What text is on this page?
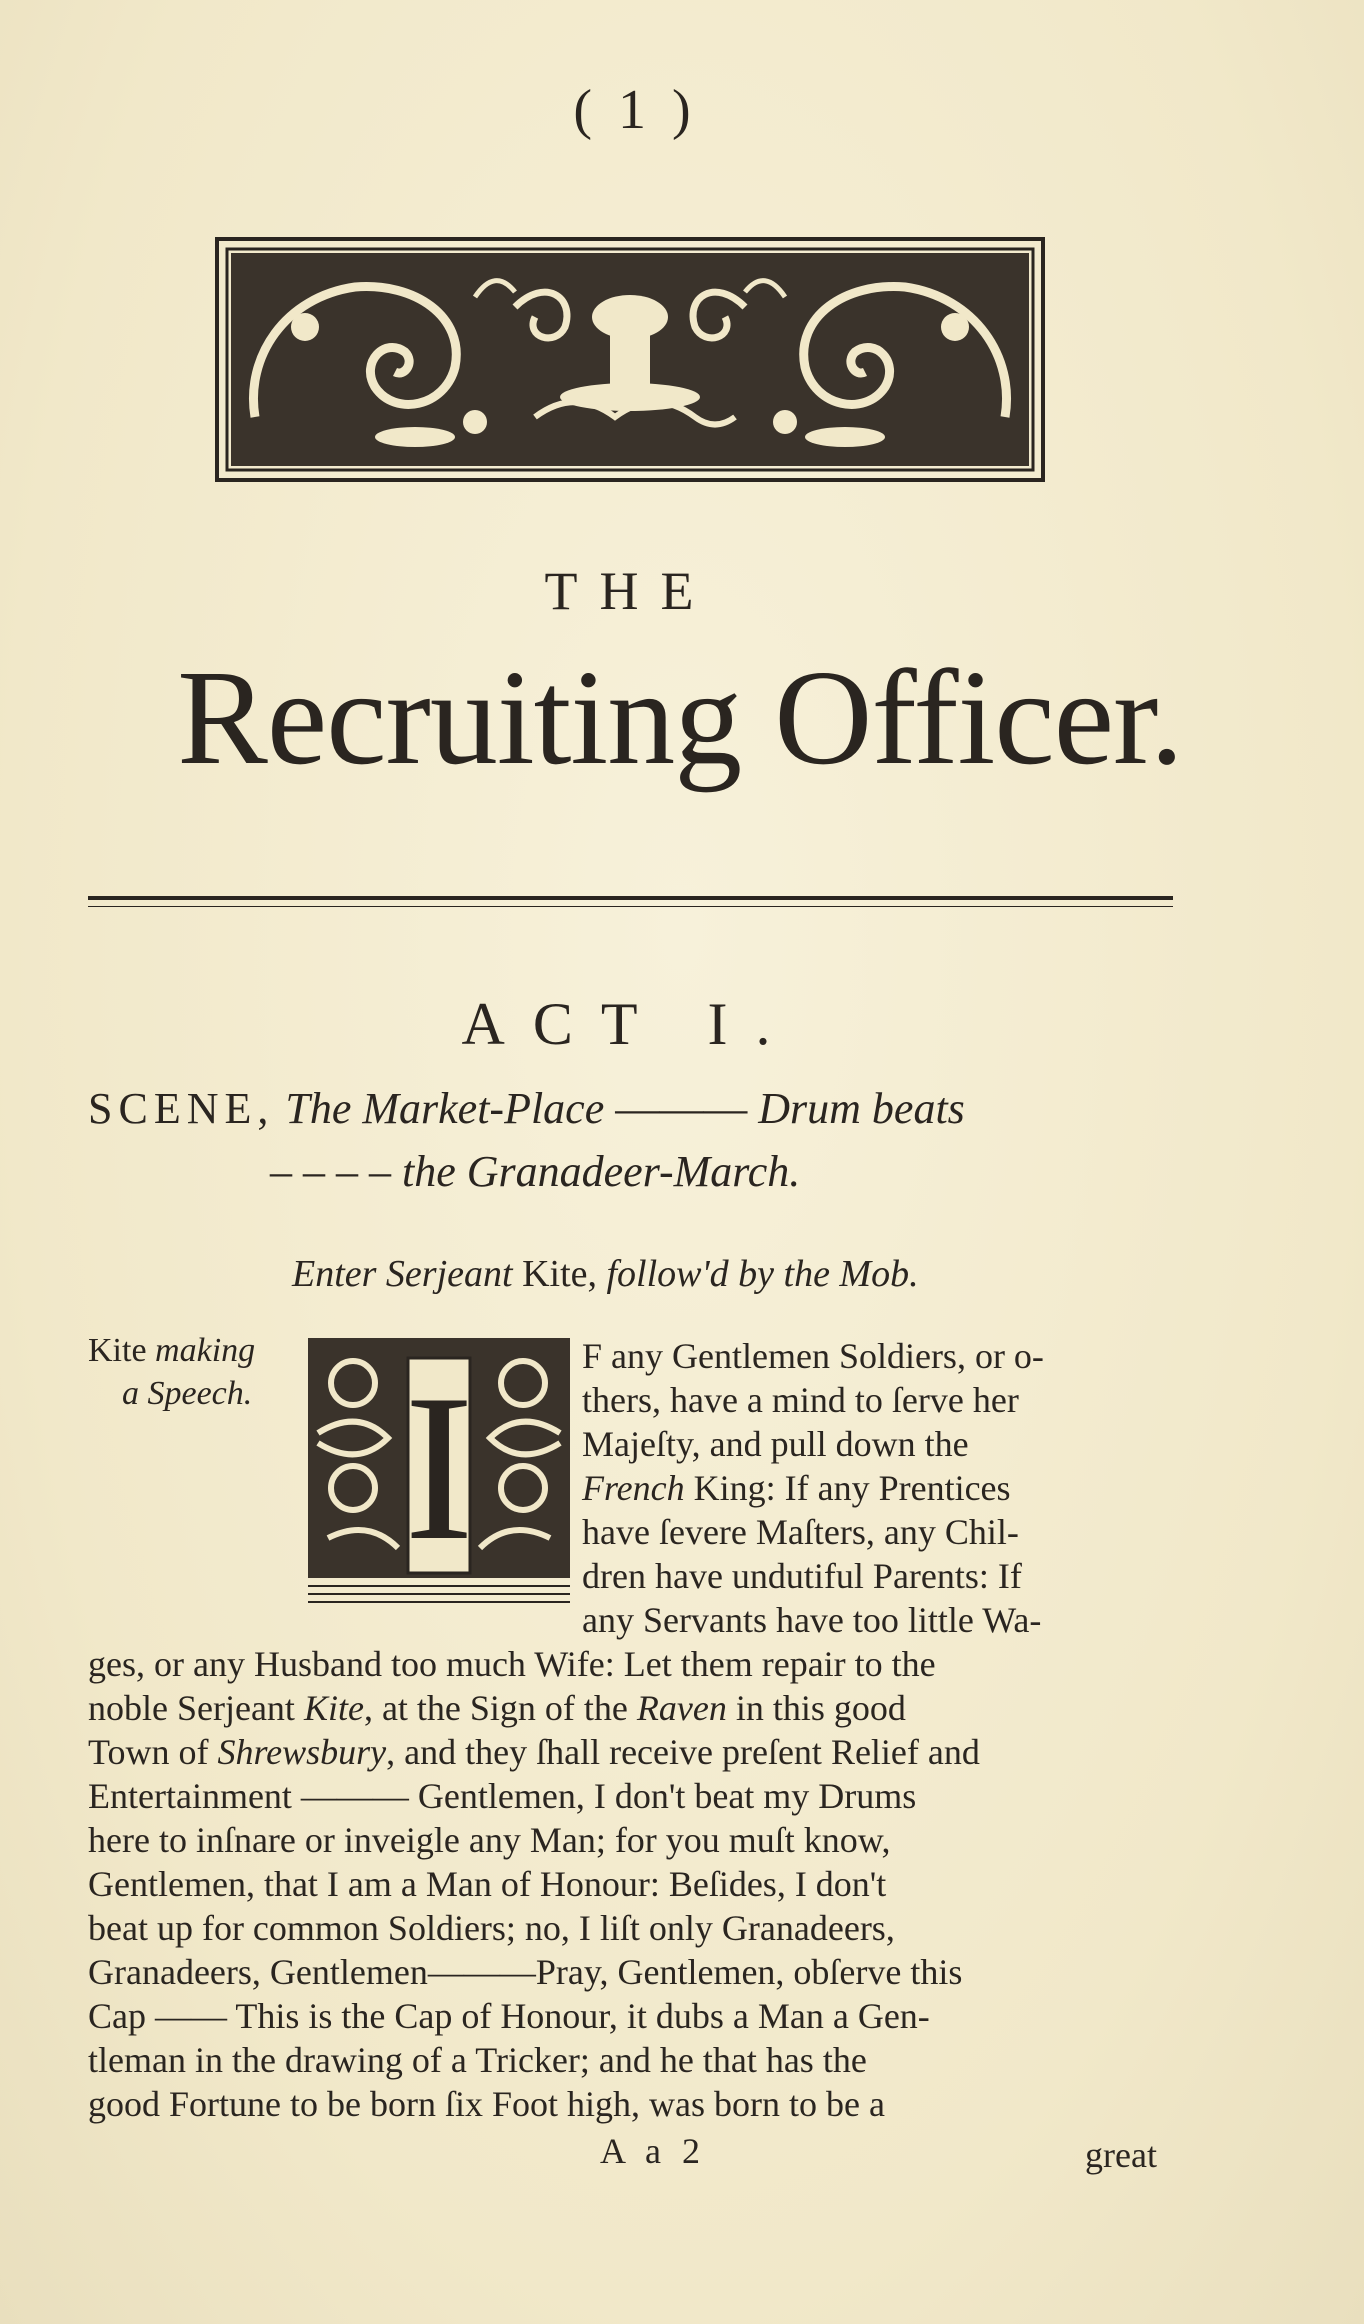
( 1 )
THE
Recruiting Officer.
ACT I.
SCENE, The Market-Place ——— Drum beats
– – – – the Granadeer-March.
Enter Serjeant Kite, follow'd by the Mob.
Kite making
a Speech. I	F any Gentlemen Soldiers, or o-
thers, have a mind to ſerve her
Majeſty, and pull down the
French King: If any Prentices
have ſevere Maſters, any Chil-
dren have undutiful Parents: If
any Servants have too little Wa-
ges, or any Husband too much Wife: Let them repair to the
noble Serjeant Kite, at the Sign of the Raven in this good
Town of Shrewsbury, and they ſhall receive preſent Relief and
Entertainment ——— Gentlemen, I don't beat my Drums
here to inſnare or inveigle any Man; for you muſt know,
Gentlemen, that I am a Man of Honour: Beſides, I don't
beat up for common Soldiers; no, I liſt only Granadeers,
Granadeers, Gentlemen———Pray, Gentlemen, obſerve this
Cap —— This is the Cap of Honour, it dubs a Man a Gen-
tleman in the drawing of a Tricker; and he that has the
good Fortune to be born ſix Foot high, was born to be a
A a 2	great
